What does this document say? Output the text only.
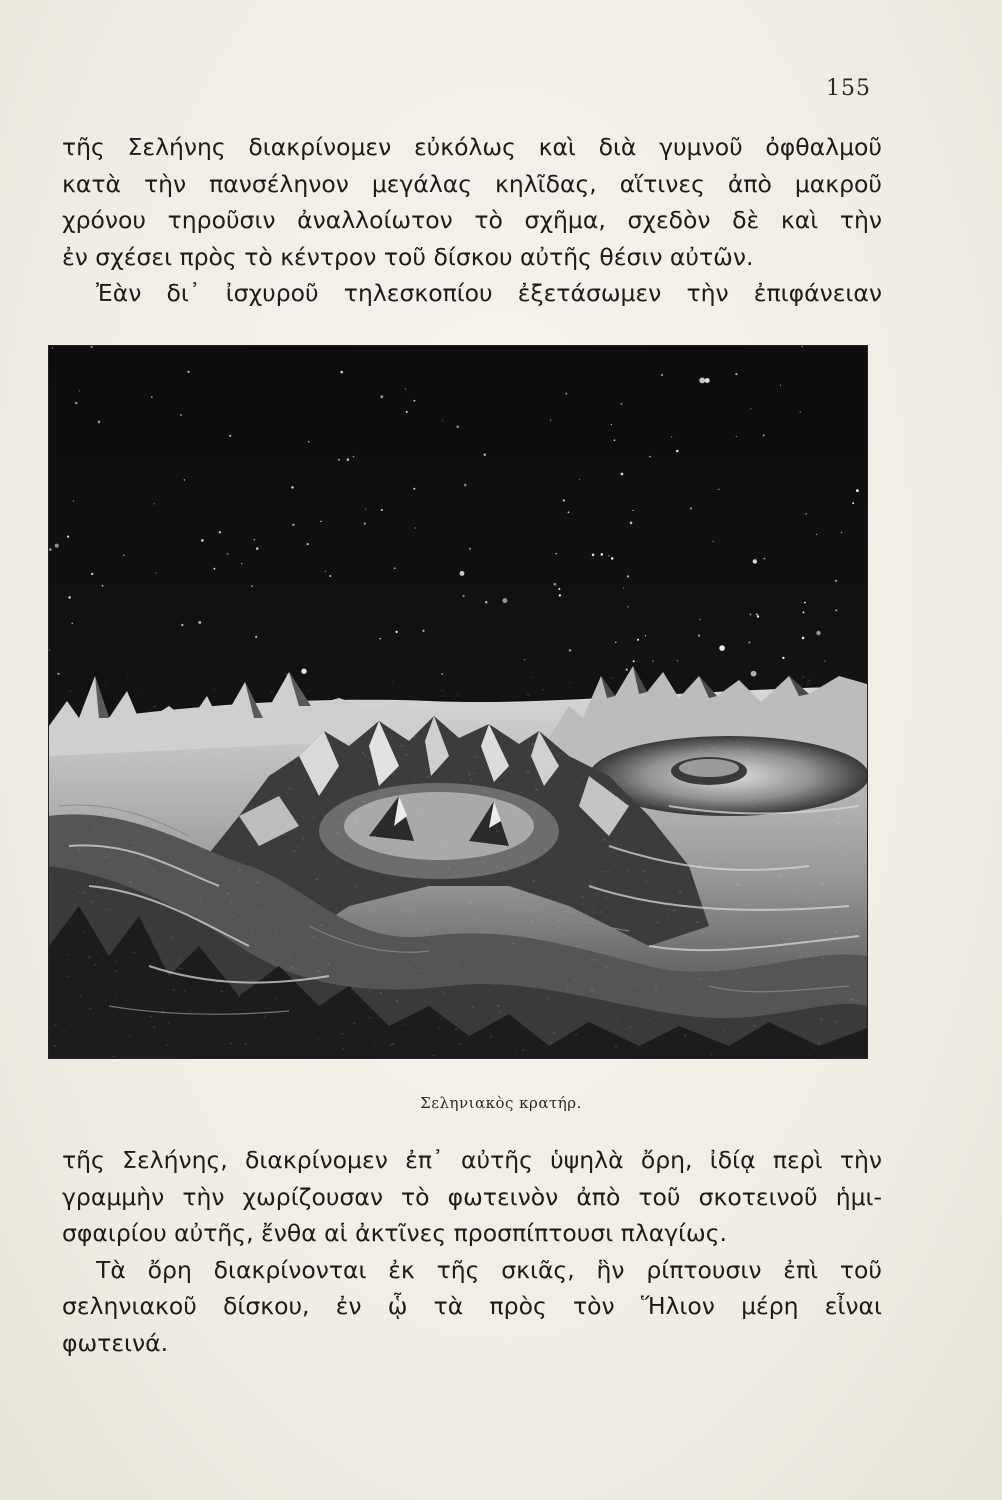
155
τῆς Σελήνης διακρίνομεν εὐκόλως καὶ διὰ γυμνοῦ ὀφθαλμοῦ
κατὰ τὴν πανσέληνον μεγάλας κηλῖδας, αἵτινες ἀπὸ μακροῦ
χρόνου τηροῦσιν ἀναλλοίωτον τὸ σχῆμα, σχεδὸν δὲ καὶ τὴν
ἐν σχέσει πρὸς τὸ κέντρον τοῦ δίσκου αὐτῆς θέσιν αὐτῶν.
Ἐὰν δι᾽ ἰσχυροῦ τηλεσκοπίου ἐξετάσωμεν τὴν ἐπιφάνειαν
Σεληνιακὸς κρατήρ.
τῆς Σελήνης, διακρίνομεν ἐπ᾽ αὐτῆς ὑψηλὰ ὄρη, ἰδίᾳ περὶ τὴν
γραμμὴν τὴν χωρίζουσαν τὸ φωτεινὸν ἀπὸ τοῦ σκοτεινοῦ ἡμι-
σφαιρίου αὐτῆς, ἔνθα αἱ ἀκτῖνες προσπίπτουσι πλαγίως.
Τὰ ὄρη διακρίνονται ἐκ τῆς σκιᾶς, ἣν ρίπτουσιν ἐπὶ τοῦ
σεληνιακοῦ δίσκου, ἐν ᾧ τὰ πρὸς τὸν Ἥλιον μέρη εἶναι
φωτεινά.
